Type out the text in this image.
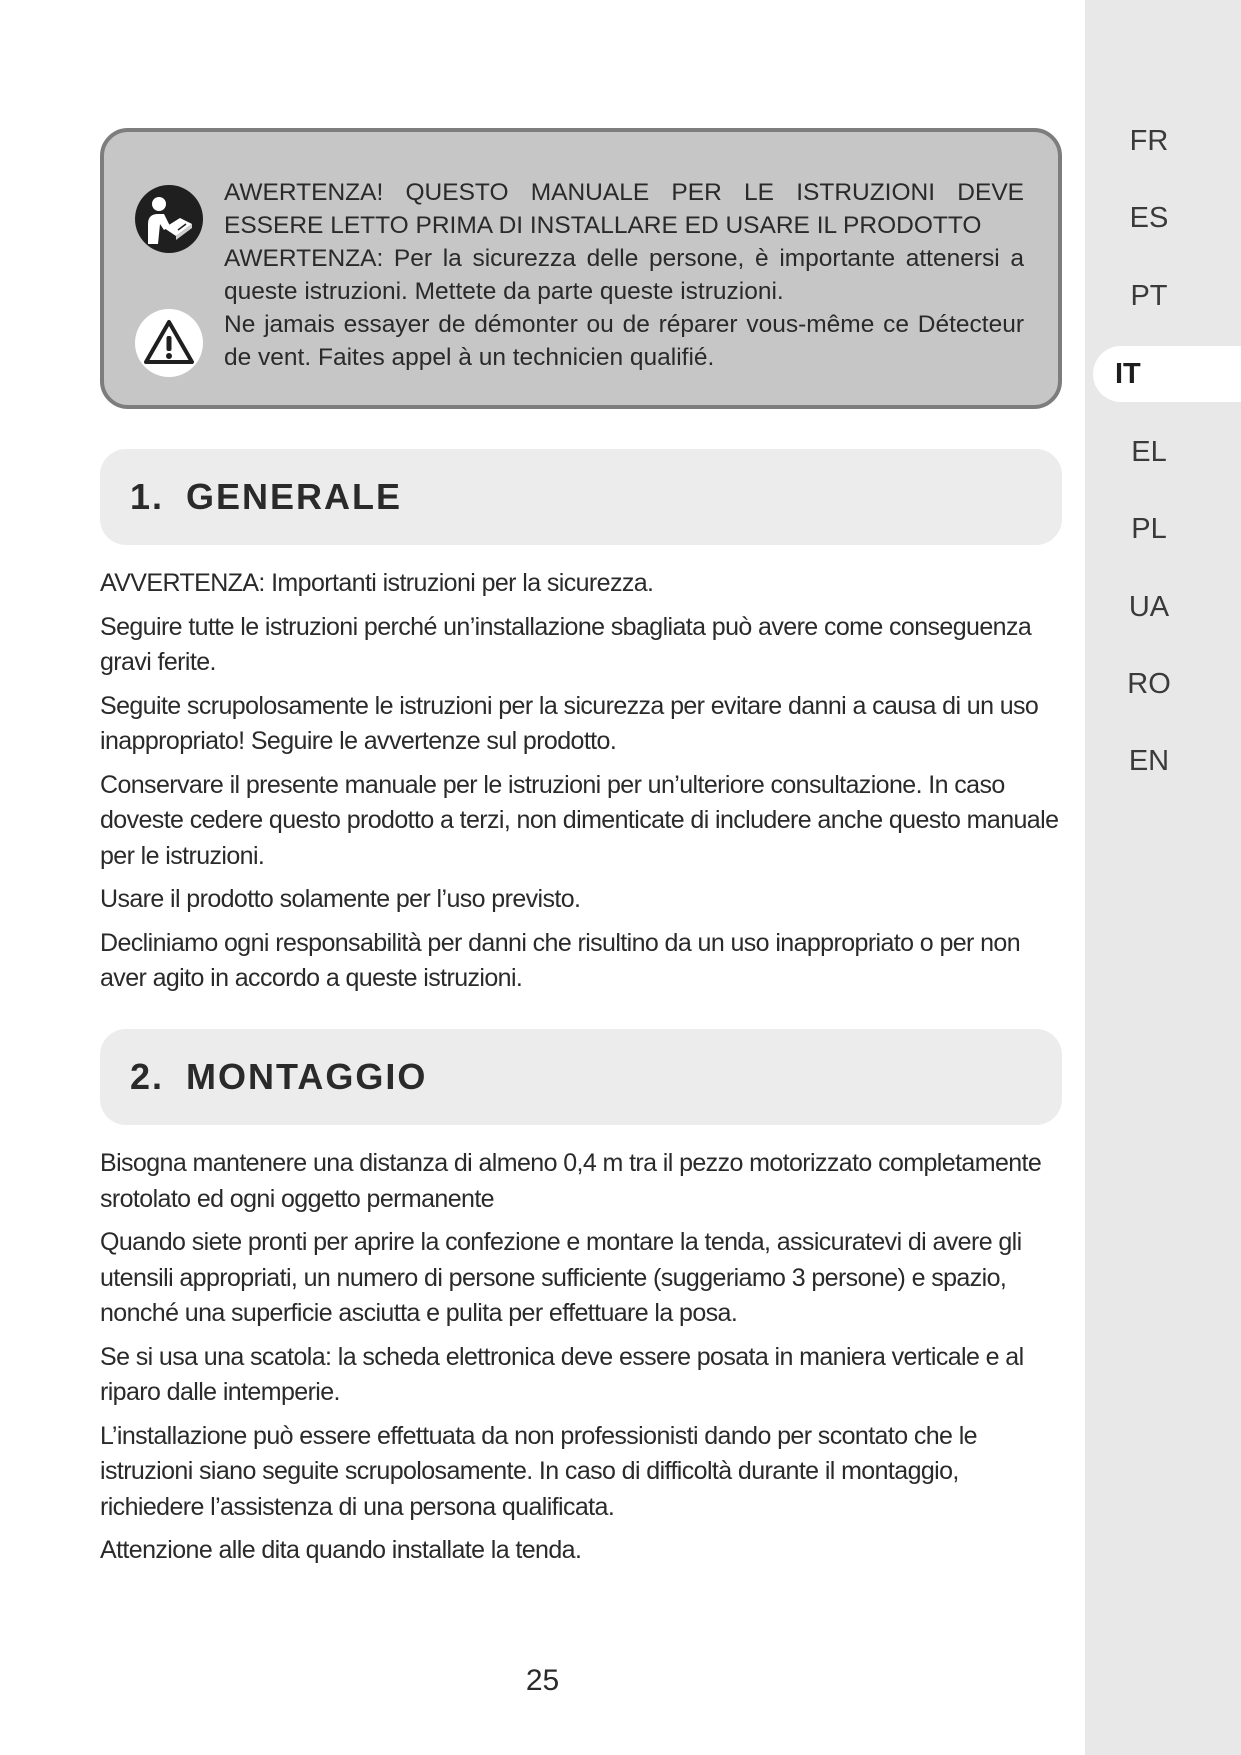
FR
ES
PT
IT
EL
PL
UA
RO
EN

AWERTENZA! QUESTO MANUALE PER LE ISTRUZIONI DEVE ESSERE LETTO PRIMA DI INSTALLARE ED USARE IL PRODOTTO

AWERTENZA: Per la sicurezza delle persone, è importante attenersi a queste istruzioni. Mettete da parte queste istruzioni.

Ne jamais essayer de démonter ou de réparer vous-même ce Détecteur de vent. Faites appel à un technicien qualifié.

1. GENERALE

AVVERTENZA: Importanti istruzioni per la sicurezza.

Seguire tutte le istruzioni perché un’installazione sbagliata può avere come conseguenza gravi ferite.

Seguite scrupolosamente le istruzioni per la sicurezza per evitare danni a causa di un uso inappropriato! Seguire le avvertenze sul prodotto.

Conservare il presente manuale per le istruzioni per un’ulteriore consultazione. In caso doveste cedere questo prodotto a terzi, non dimenticate di includere anche questo manuale per le istruzioni.

Usare il prodotto solamente per l’uso previsto.

Decliniamo ogni responsabilità per danni che risultino da un uso inappropriato o per non aver agito in accordo a queste istruzioni.

2. MONTAGGIO

Bisogna mantenere una distanza di almeno 0,4 m tra il pezzo motorizzato completamente srotolato ed ogni oggetto permanente

Quando siete pronti per aprire la confezione e montare la tenda, assicuratevi di avere gli utensili appropriati, un numero di persone sufficiente (suggeriamo 3 persone) e spazio, nonché una superficie asciutta e pulita per effettuare la posa.

Se si usa una scatola: la scheda elettronica deve essere posata in maniera verticale e al riparo dalle intemperie.

L’installazione può essere effettuata da non professionisti dando per scontato che le istruzioni siano seguite scrupolosamente. In caso di difficoltà durante il montaggio, richiedere l’assistenza di una persona qualificata.

Attenzione alle dita quando installate la tenda.

25
